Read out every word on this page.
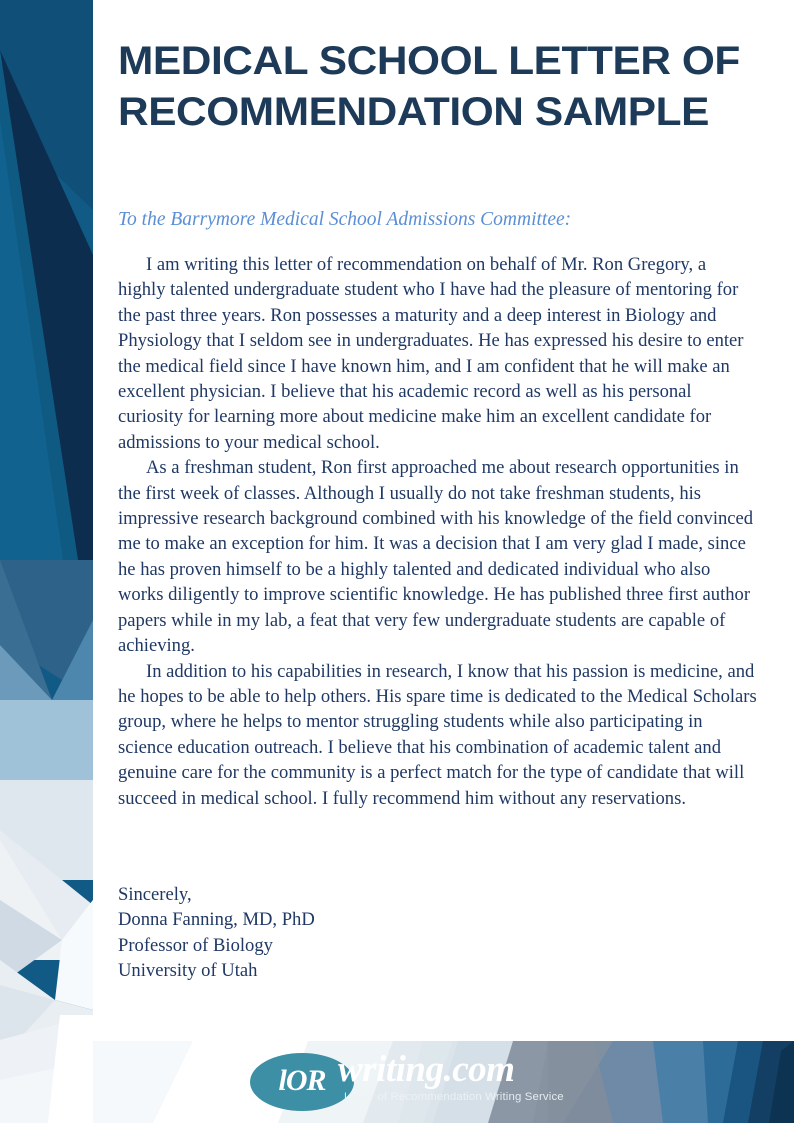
MEDICAL SCHOOL LETTER OF RECOMMENDATION SAMPLE
To the Barrymore Medical School Admissions Committee:

I am writing this letter of recommendation on behalf of Mr. Ron Gregory, a highly talented undergraduate student who I have had the pleasure of mentoring for the past three years. Ron possesses a maturity and a deep interest in Biology and Physiology that I seldom see in undergraduates. He has expressed his desire to enter the medical field since I have known him, and I am confident that he will make an excellent physician. I believe that his academic record as well as his personal curiosity for learning more about medicine make him an excellent candidate for admissions to your medical school.

As a freshman student, Ron first approached me about research opportunities in the first week of classes. Although I usually do not take freshman students, his impressive research background combined with his knowledge of the field convinced me to make an exception for him. It was a decision that I am very glad I made, since he has proven himself to be a highly talented and dedicated individual who also works diligently to improve scientific knowledge. He has published three first author papers while in my lab, a feat that very few undergraduate students are capable of achieving.

In addition to his capabilities in research, I know that his passion is medicine, and he hopes to be able to help others. His spare time is dedicated to the Medical Scholars group, where he helps to mentor struggling students while also participating in science education outreach. I believe that his combination of academic talent and genuine care for the community is a perfect match for the type of candidate that will succeed in medical school. I fully recommend him without any reservations.

Sincerely,
Donna Fanning, MD, PhD
Professor of Biology
University of Utah
lOR writing.com
Letter of Recommendation Writing Service
